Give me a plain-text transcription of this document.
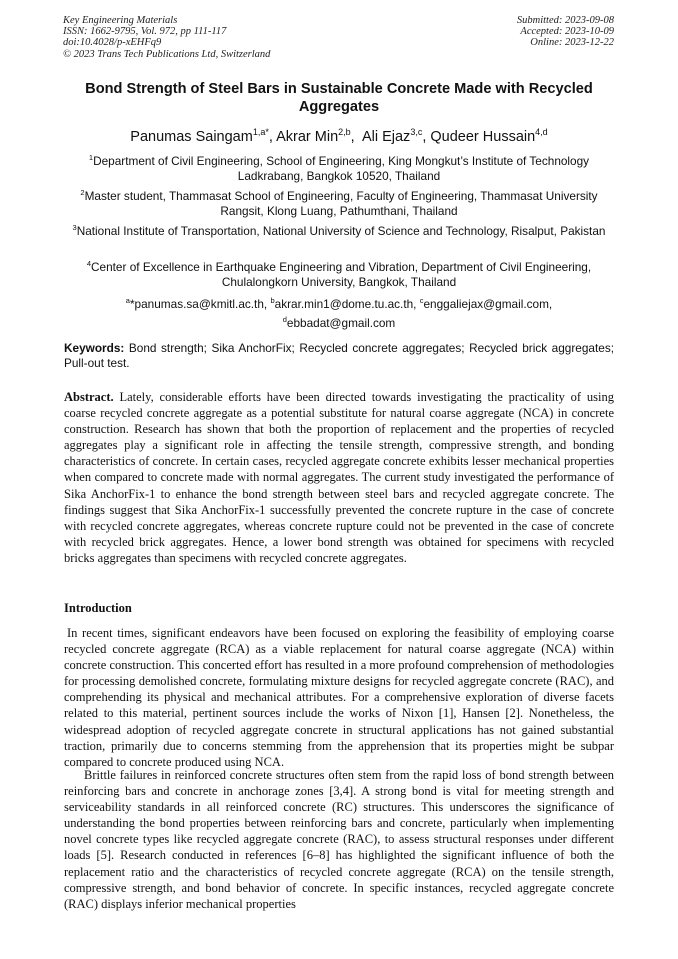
Key Engineering Materials
ISSN: 1662-9795, Vol. 972, pp 111-117
doi:10.4028/p-xEHFq9
© 2023 Trans Tech Publications Ltd, Switzerland
Submitted: 2023-09-08
Accepted: 2023-10-09
Online: 2023-12-22
Bond Strength of Steel Bars in Sustainable Concrete Made with Recycled Aggregates
Panumas Saingam$^{1,a*}$, Akrar Min$^{2,b}$,  Ali Ejaz$^{3,c}$, Qudeer Hussain$^{4,d}$
$^1$Department of Civil Engineering, School of Engineering, King Mongkut’s Institute of Technology Ladkrabang, Bangkok 10520, Thailand
$^2$Master student, Thammasat School of Engineering, Faculty of Engineering, Thammasat University Rangsit, Klong Luang, Pathumthani, Thailand
$^3$National Institute of Transportation, National University of Science and Technology, Risalput, Pakistan
$^4$Center of Excellence in Earthquake Engineering and Vibration, Department of Civil Engineering, Chulalongkorn University, Bangkok, Thailand
$^a$*panumas.sa@kmitl.ac.th, $^b$akrar.min1@dome.tu.ac.th, $^c$enggaliejax@gmail.com,
$^d$ebbadat@gmail.com
Keywords: Bond strength; Sika AnchorFix; Recycled concrete aggregates; Recycled brick aggregates; Pull-out test.
Abstract. Lately, considerable efforts have been directed towards investigating the practicality of using coarse recycled concrete aggregate as a potential substitute for natural coarse aggregate (NCA) in concrete construction. Research has shown that both the proportion of replacement and the properties of recycled aggregates play a significant role in affecting the tensile strength, compressive strength, and bonding characteristics of concrete. In certain cases, recycled aggregate concrete exhibits lesser mechanical properties when compared to concrete made with normal aggregates. The current study investigated the performance of Sika AnchorFix-1 to enhance the bond strength between steel bars and recycled aggregate concrete. The findings suggest that Sika AnchorFix-1 successfully prevented the concrete rupture in the case of concrete with recycled concrete aggregates, whereas concrete rupture could not be prevented in the case of concrete with recycled brick aggregates. Hence, a lower bond strength was obtained for specimens with recycled bricks aggregates than specimens with recycled concrete aggregates.
Introduction
In recent times, significant endeavors have been focused on exploring the feasibility of employing coarse recycled concrete aggregate (RCA) as a viable replacement for natural coarse aggregate (NCA) within concrete construction. This concerted effort has resulted in a more profound comprehension of methodologies for processing demolished concrete, formulating mixture designs for recycled aggregate concrete (RAC), and comprehending its physical and mechanical attributes. For a comprehensive exploration of diverse facets related to this material, pertinent sources include the works of Nixon [1], Hansen [2]. Nonetheless, the widespread adoption of recycled aggregate concrete in structural applications has not gained substantial traction, primarily due to concerns stemming from the apprehension that its properties might be subpar compared to concrete produced using NCA.
Brittle failures in reinforced concrete structures often stem from the rapid loss of bond strength between reinforcing bars and concrete in anchorage zones [3,4]. A strong bond is vital for meeting strength and serviceability standards in all reinforced concrete (RC) structures. This underscores the significance of understanding the bond properties between reinforcing bars and concrete, particularly when implementing novel concrete types like recycled aggregate concrete (RAC), to assess structural responses under different loads [5]. Research conducted in references [6–8] has highlighted the significant influence of both the replacement ratio and the characteristics of recycled concrete aggregate (RCA) on the tensile strength, compressive strength, and bond behavior of concrete. In specific instances, recycled aggregate concrete (RAC) displays inferior mechanical properties
